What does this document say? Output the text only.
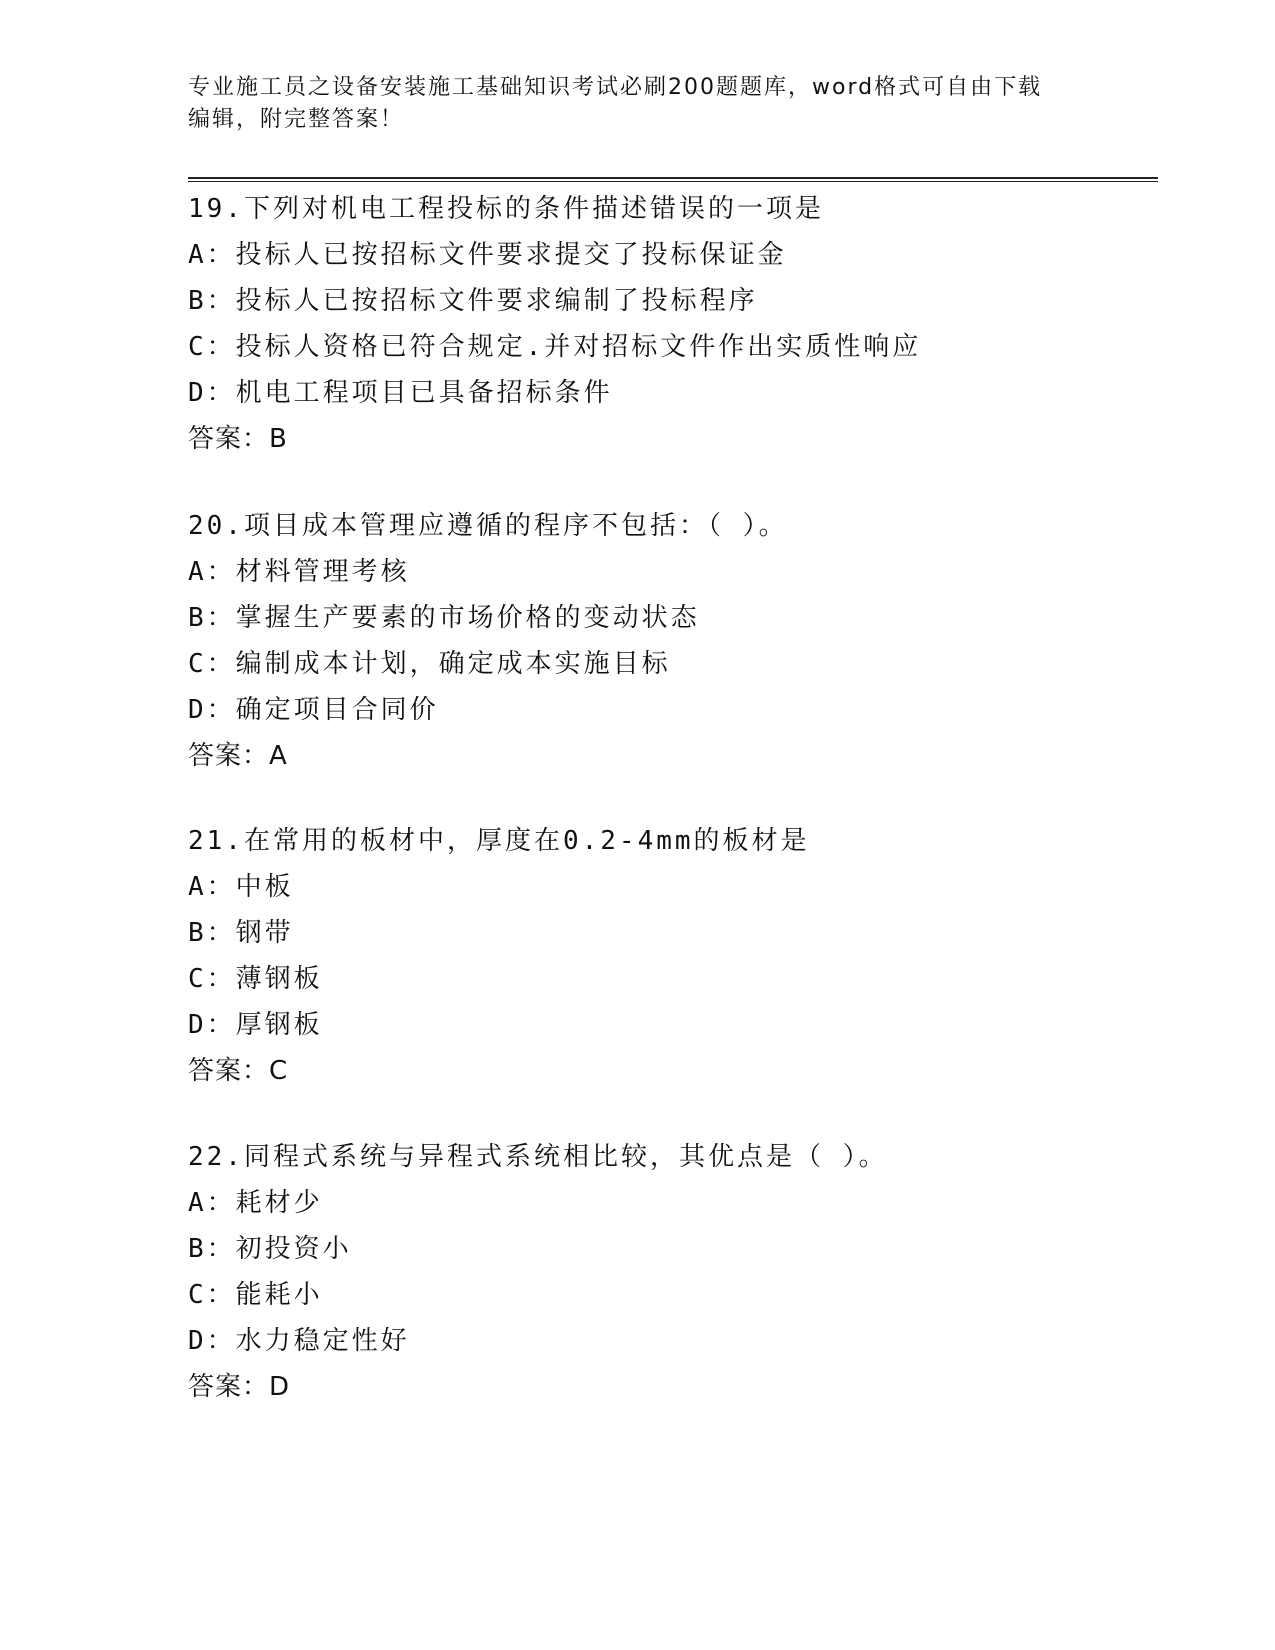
专业施工员之设备安装施工基础知识考试必刷200题题库，word格式可自由下载
编辑，附完整答案！
19.下列对机电工程投标的条件描述错误的一项是
A：投标人已按招标文件要求提交了投标保证金
B：投标人已按招标文件要求编制了投标程序
C：投标人资格已符合规定.并对招标文件作出实质性响应
D：机电工程项目已具备招标条件
答案：B
20.项目成本管理应遵循的程序不包括：（ ）。
A：材料管理考核
B：掌握生产要素的市场价格的变动状态
C：编制成本计划，确定成本实施目标
D：确定项目合同价
答案：A
21.在常用的板材中，厚度在0.2-4mm的板材是
A：中板
B：钢带
C：薄钢板
D：厚钢板
答案：C
22.同程式系统与异程式系统相比较，其优点是（ ）。
A：耗材少
B：初投资小
C：能耗小
D：水力稳定性好
答案：D
